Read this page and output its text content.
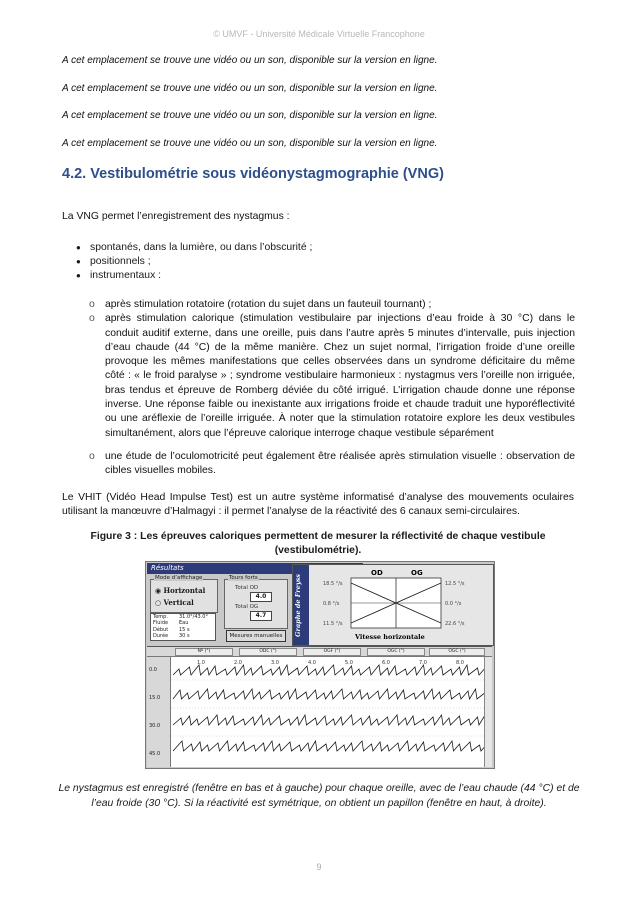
© UMVF - Université Médicale Virtuelle Francophone
A cet emplacement se trouve une vidéo ou un son, disponible sur la version en ligne.
A cet emplacement se trouve une vidéo ou un son, disponible sur la version en ligne.
A cet emplacement se trouve une vidéo ou un son, disponible sur la version en ligne.
A cet emplacement se trouve une vidéo ou un son, disponible sur la version en ligne.
4.2. Vestibulométrie sous vidéonystagmographie (VNG)
La VNG permet l’enregistrement des nystagmus :
● spontanés, dans la lumière, ou dans l’obscurité ;
● positionnels ;
● instrumentaux :
o après stimulation rotatoire (rotation du sujet dans un fauteuil tournant) ;
o après stimulation calorique (stimulation vestibulaire par injections d’eau froide à 30 °C) dans le conduit auditif externe, dans une oreille, puis dans l’autre après 5 minutes d’intervalle, puis injection d’eau chaude (44 °C) de la même manière. Chez un sujet normal, l’irrigation froide d’une oreille provoque les mêmes manifestations que celles observées dans un syndrome déficitaire du même côté : « le froid paralyse » ; syndrome vestibulaire harmonieux : nystagmus vers l’oreille non irriguée, bras tendus et épreuve de Romberg déviée du côté irrigué. L’irrigation chaude donne une réponse inverse. Une réponse faible ou inexistante aux irrigations froide et chaude traduit une hyporéflectivité ou une aréflexie de l’oreille irriguée. À noter que la stimulation rotatoire explore les deux vestibules simultanément, alors que l’épreuve calorique interroge chaque vestibule séparément
o une étude de l’oculomotricité peut également être réalisée après stimulation visuelle : observation de cibles visuelles mobiles.
Le VHIT (Vidéo Head Impulse Test) est un autre système informatisé d’analyse des mouvements oculaires utilisant la manœuvre d’Halmagyi : il permet l’analyse de la réactivité des 6 canaux semi-circulaires.
Figure 3 : Les épreuves caloriques permettent de mesurer la réflectivité de chaque vestibule (vestibulométrie).
Résultats
Mode d’affichage
◉ Horizontal
○ Vertical
Temp. 31.0°/43.0°
Fluide Eau
Début 15 s
Durée 30 s
Tours forts
Total OD
4.0
Total OG
4.7
Mesures manuelles	Graphe de Freyss
OD	OG
18.5 °/s
0.8 °/s
11.5 °/s
12.5 °/s
0.0 °/s
22.6 °/s
Vitesse horizontale
Nº (°)	ODC (°)	OGF (°)	OGC (°)	OGC (°)
0.0
15.0
30.0
45.0
1.0	2.0	3.0	4.0	5.0	6.0	7.0	8.0
Le nystagmus est enregistré (fenêtre en bas et à gauche) pour chaque oreille, avec de l’eau chaude (44 °C) et de l’eau froide (30 °C). Si la réactivité est symétrique, on obtient un papillon (fenêtre en haut, à droite).
9
